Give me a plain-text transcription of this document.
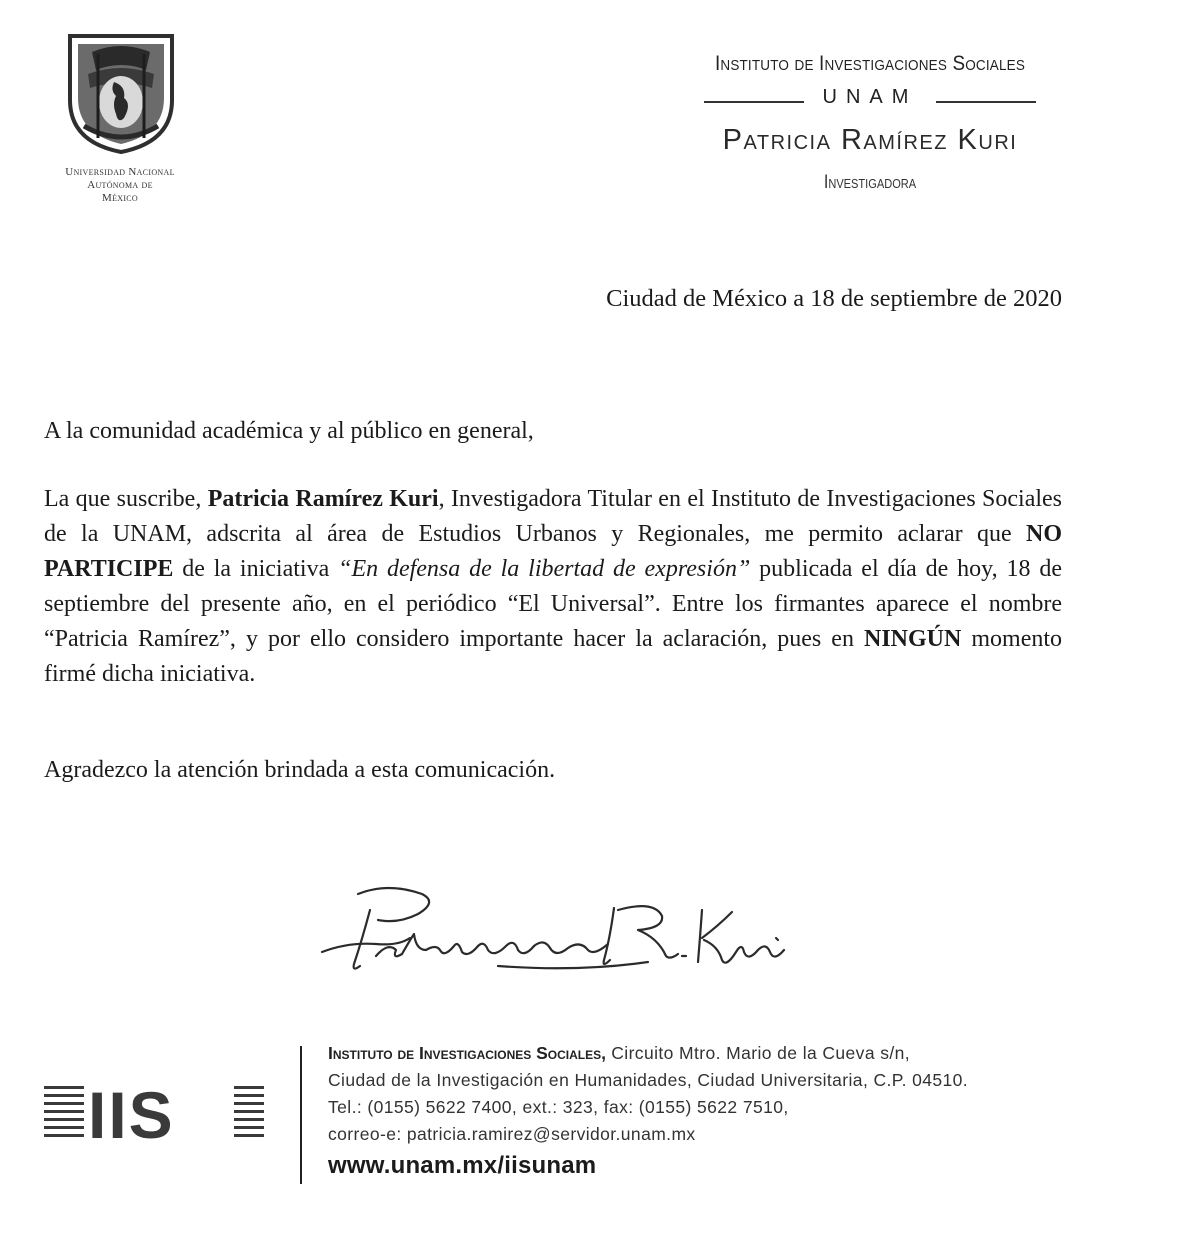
Universidad Nacional
Autónoma de
México
Instituto de Investigaciones Sociales
UNAM
Patricia Ramírez Kuri
Investigadora
Ciudad de México a 18 de septiembre de 2020
A la comunidad académica y al público en general,
La que suscribe, Patricia Ramírez Kuri, Investigadora Titular en el Instituto de Investigaciones Sociales de la UNAM, adscrita al área de Estudios Urbanos y Regionales, me permito aclarar que NO PARTICIPE de la iniciativa “En defensa de la libertad de expresión” publicada el día de hoy, 18 de septiembre del presente año, en el periódico “El Universal”. Entre los firmantes aparece el nombre “Patricia Ramírez”, y por ello considero importante hacer la aclaración, pues en NINGÚN momento firmé dicha iniciativa.
Agradezco la atención brindada a esta comunicación.
IIS
Instituto de Investigaciones Sociales, Circuito Mtro. Mario de la Cueva s/n,
Ciudad de la Investigación en Humanidades, Ciudad Universitaria, C.P. 04510.
Tel.: (0155) 5622 7400, ext.: 323, fax: (0155) 5622 7510,
correo-e: patricia.ramirez@servidor.unam.mx
www.unam.mx/iisunam
